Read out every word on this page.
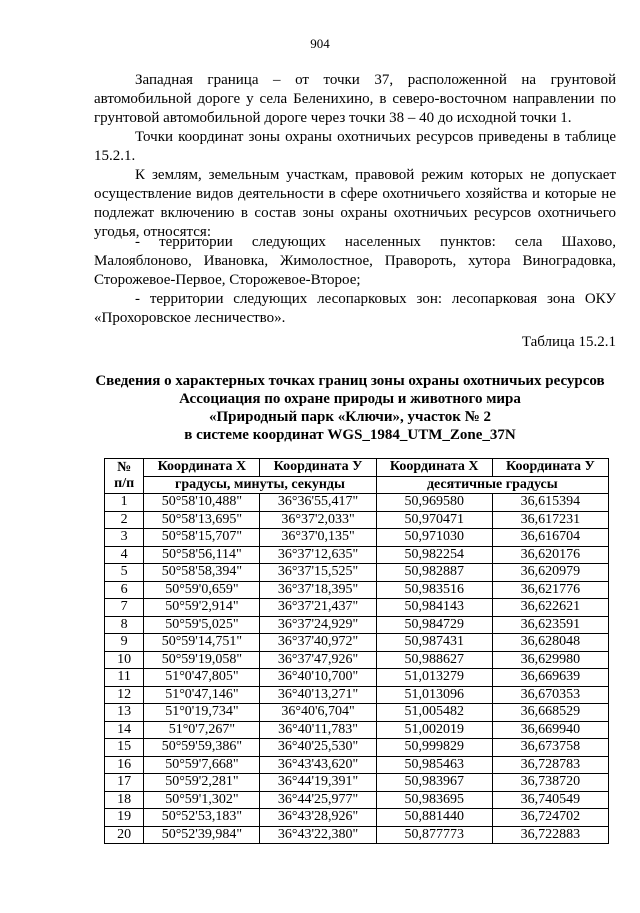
904

Западная граница – от точки 37, расположенной на грунтовой автомобильной дороге у села Беленихино, в северо-восточном направлении по грунтовой автомобильной дороге через точки 38 – 40 до исходной точки 1.

Точки координат зоны охраны охотничьих ресурсов приведены в таблице 15.2.1.

К землям, земельным участкам, правовой режим которых не допускает осуществление видов деятельности в сфере охотничьего хозяйства и которые не подлежат включению в состав зоны охраны охотничьих ресурсов охотничьего угодья, относятся:

- территории следующих населенных пунктов: села Шахово, Малояблоново, Ивановка, Жимолостное, Правороть, хутора Виноградовка, Сторожевое-Первое, Сторожевое-Второе;

- территории следующих лесопарковых зон: лесопарковая зона ОКУ «Прохоровское лесничество».

Таблица 15.2.1
Сведения о характерных точках границ зоны охраны охотничьих ресурсов
Ассоциация по охране природы и животного мира
«Природный парк «Ключи», участок № 2
в системе координат WGS_1984_UTM_Zone_37N
№
п/п	Координата X	Координата У	Координата X	Координата У
	градусы, минуты, секунды		десятичные градусы	
1	50°58'10,488"	36°36'55,417"	50,969580	36,615394
2	50°58'13,695"	36°37'2,033"	50,970471	36,617231
3	50°58'15,707"	36°37'0,135"	50,971030	36,616704
4	50°58'56,114"	36°37'12,635"	50,982254	36,620176
5	50°58'58,394"	36°37'15,525"	50,982887	36,620979
6	50°59'0,659"	36°37'18,395"	50,983516	36,621776
7	50°59'2,914"	36°37'21,437"	50,984143	36,622621
8	50°59'5,025"	36°37'24,929"	50,984729	36,623591
9	50°59'14,751"	36°37'40,972"	50,987431	36,628048
10	50°59'19,058"	36°37'47,926"	50,988627	36,629980
11	51°0'47,805"	36°40'10,700"	51,013279	36,669639
12	51°0'47,146"	36°40'13,271"	51,013096	36,670353
13	51°0'19,734"	36°40'6,704"	51,005482	36,668529
14	51°0'7,267"	36°40'11,783"	51,002019	36,669940
15	50°59'59,386"	36°40'25,530"	50,999829	36,673758
16	50°59'7,668"	36°43'43,620"	50,985463	36,728783
17	50°59'2,281"	36°44'19,391"	50,983967	36,738720
18	50°59'1,302"	36°44'25,977"	50,983695	36,740549
19	50°52'53,183"	36°43'28,926"	50,881440	36,724702
20	50°52'39,984"	36°43'22,380"	50,877773	36,722883
